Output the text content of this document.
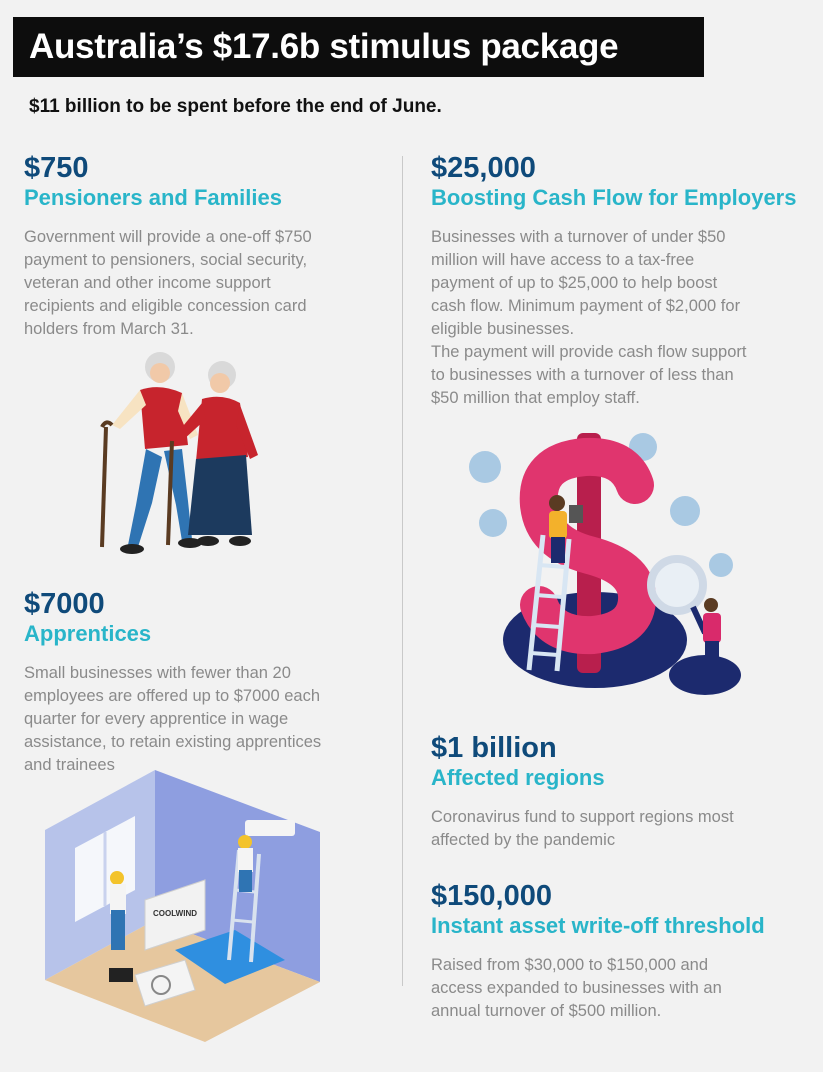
Australia’s $17.6b stimulus package
$11 billion to be spent before the end of June.
$750
Pensioners and Families

Government will provide a one-off $750

payment to pensioners, social security,

veteran and other income support

recipients and eligible concession card

holders from March 31.

$25,000
Boosting Cash Flow for Employers

Businesses with a turnover of under $50

million will have access to a tax-free

payment of up to $25,000 to help boost

cash flow. Minimum payment of $2,000 for

eligible businesses.

The payment will provide cash flow support

to businesses with a turnover of less than

$50 million that employ staff.

$7000
Apprentices

Small businesses with fewer than 20

employees are offered up to $7000 each

quarter for every apprentice in wage

assistance, to retain existing apprentices

and trainees

$1 billion
Affected regions

Coronavirus fund to support regions most

affected by the pandemic

$150,000
Instant asset write-off threshold

Raised from $30,000 to $150,000 and

access expanded to businesses with an

annual turnover of $500 million.

COOLWIND
